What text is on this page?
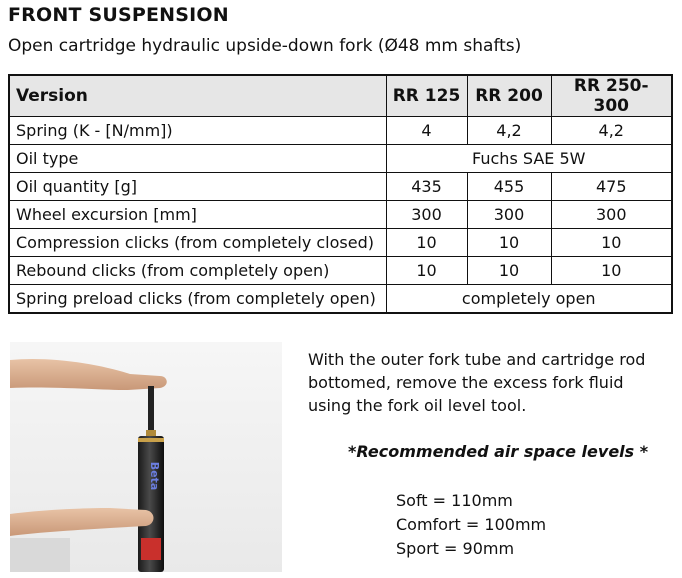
FRONT SUSPENSION
Open cartridge hydraulic upside-down fork (Ø48 mm shafts)
Version	RR 125	RR 200	RR 250-300
Spring (K - [N/mm])	4	4,2	4,2
Oil type	Fuchs SAE 5W		
Oil quantity [g]	435	455	475
Wheel excursion [mm]	300	300	300
Compression clicks (from completely closed)	10	10	10
Rebound clicks (from completely open)	10	10	10
Spring preload clicks (from completely open)	completely open		
Beta
With the outer fork tube and cartridge rod bottomed, remove the excess fork fluid using the fork oil level tool.
*Recommended air space levels *
Soft = 110mm
Comfort = 100mm
Sport = 90mm
